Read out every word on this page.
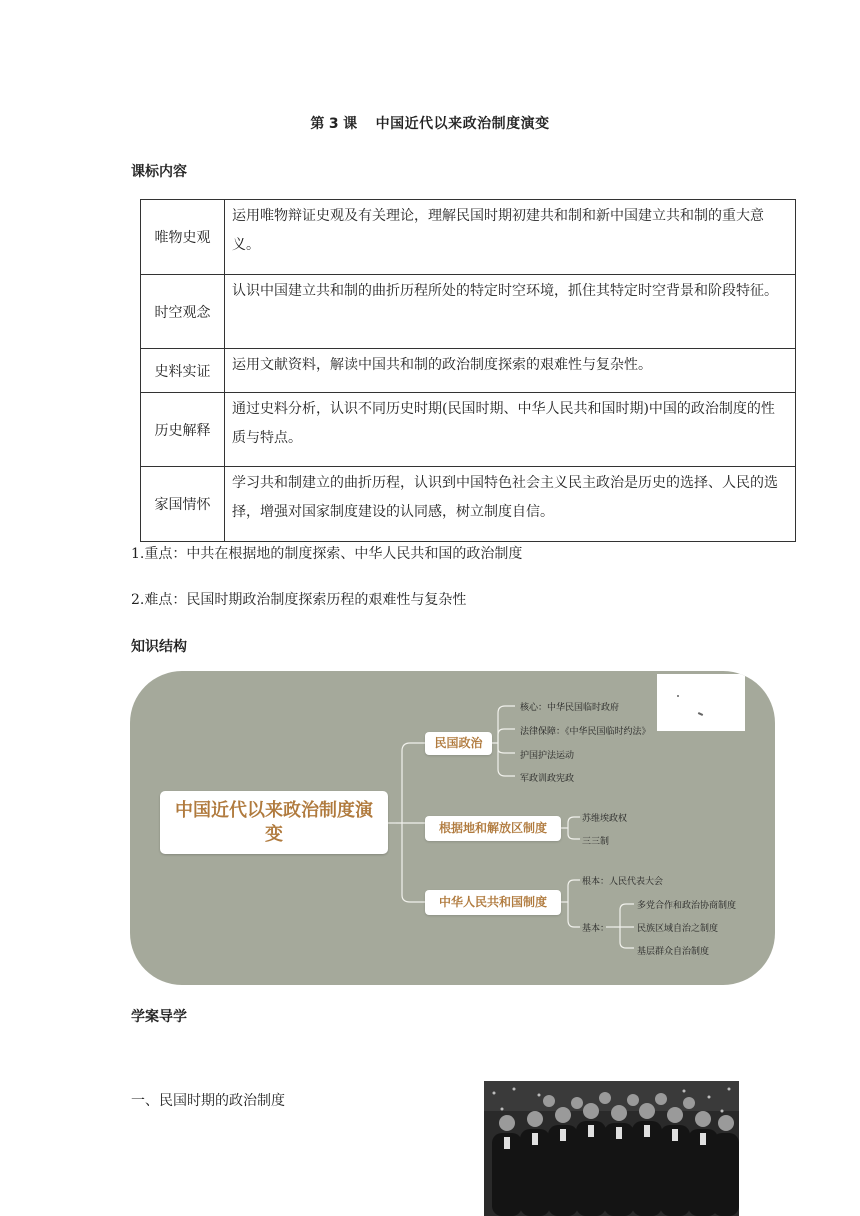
第 3 课 中国近代以来政治制度演变
课标内容
唯物史观	运用唯物辩证史观及有关理论，理解民国时期初建共和制和新中国建立共和制的重大意义。
时空观念	认识中国建立共和制的曲折历程所处的特定时空环境，抓住其特定时空背景和阶段特征。
史料实证	运用文献资料，解读中国共和制的政治制度探索的艰难性与复杂性。
历史解释	通过史料分析，认识不同历史时期(民国时期、中华人民共和国时期)中国的政治制度的性质与特点。
家国情怀	学习共和制建立的曲折历程，认识到中国特色社会主义民主政治是历史的选择、人民的选择，增强对国家制度建设的认同感，树立制度自信。
1.重点：中共在根据地的制度探索、中华人民共和国的政治制度
2.难点：民国时期政治制度探索历程的艰难性与复杂性
知识结构
中国近代以来政治制度演变
民国政治
核心：中华民国临时政府
法律保障：《中华民国临时约法》
护国护法运动
军政训政宪政
根据地和解放区制度
苏维埃政权
三三制
中华人民共和国制度
根本：人民代表大会
基本：
多党合作和政治协商制度
民族区域自治之制度
基层群众自治制度
学案导学
一、民国时期的政治制度
